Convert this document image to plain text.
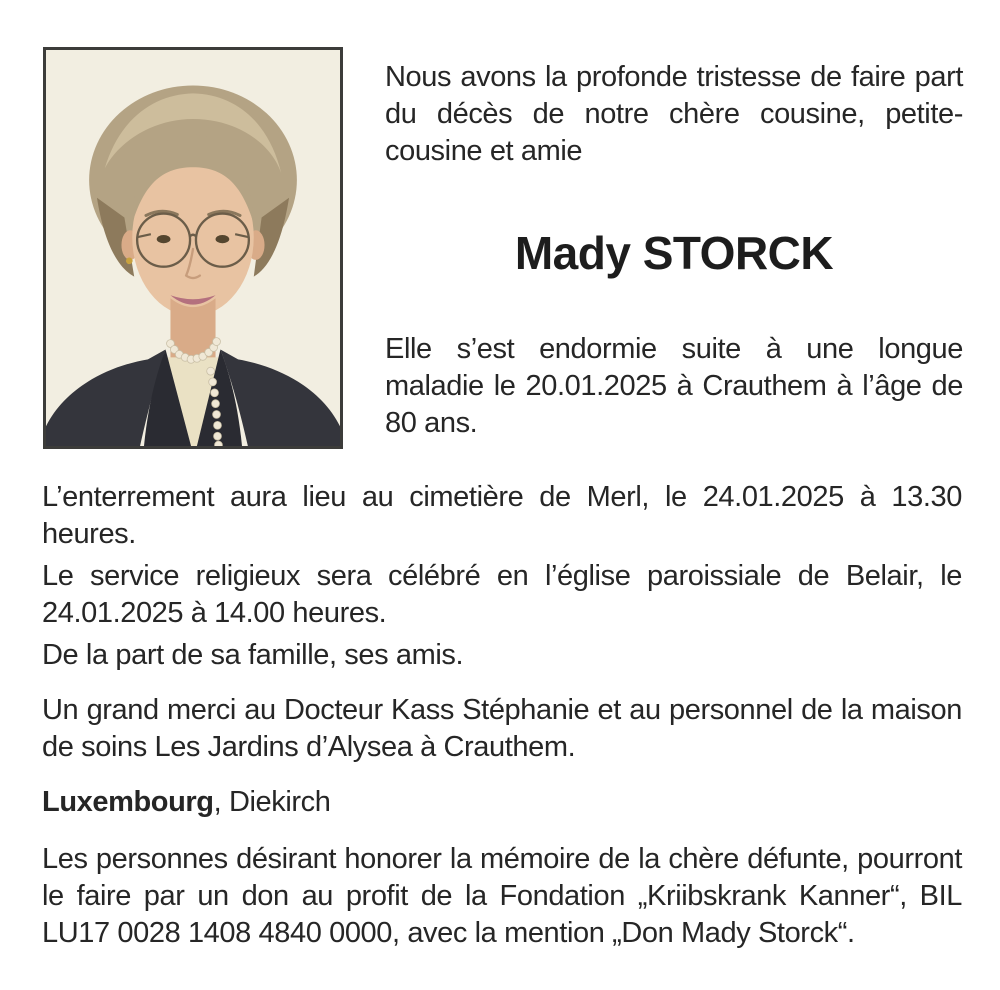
Nous avons la profonde tristesse de faire part du décès de notre chère cousine, petite- cousine et amie

Mady STORCK

Elle s’est endormie suite à une longue maladie le 20.01.2025 à Crauthem à l’âge de 80 ans.

L’enterrement aura lieu au cimetière de Merl, le 24.01.2025 à 13.30 heures.

Le service religieux sera célébré en l’église paroissiale de Belair, le 24.01.2025 à 14.00 heures.

De la part de sa famille, ses amis.

Un grand merci au Docteur Kass Stéphanie et au personnel de la maison de soins Les Jardins d’Alysea à Crauthem.

Luxembourg, Diekirch

Les personnes désirant honorer la mémoire de la chère défunte, pourront le faire par un don au profit de la Fondation „Kriibskrank Kanner“, BIL LU17 0028 1408 4840 0000, avec la mention „Don Mady Storck“.
